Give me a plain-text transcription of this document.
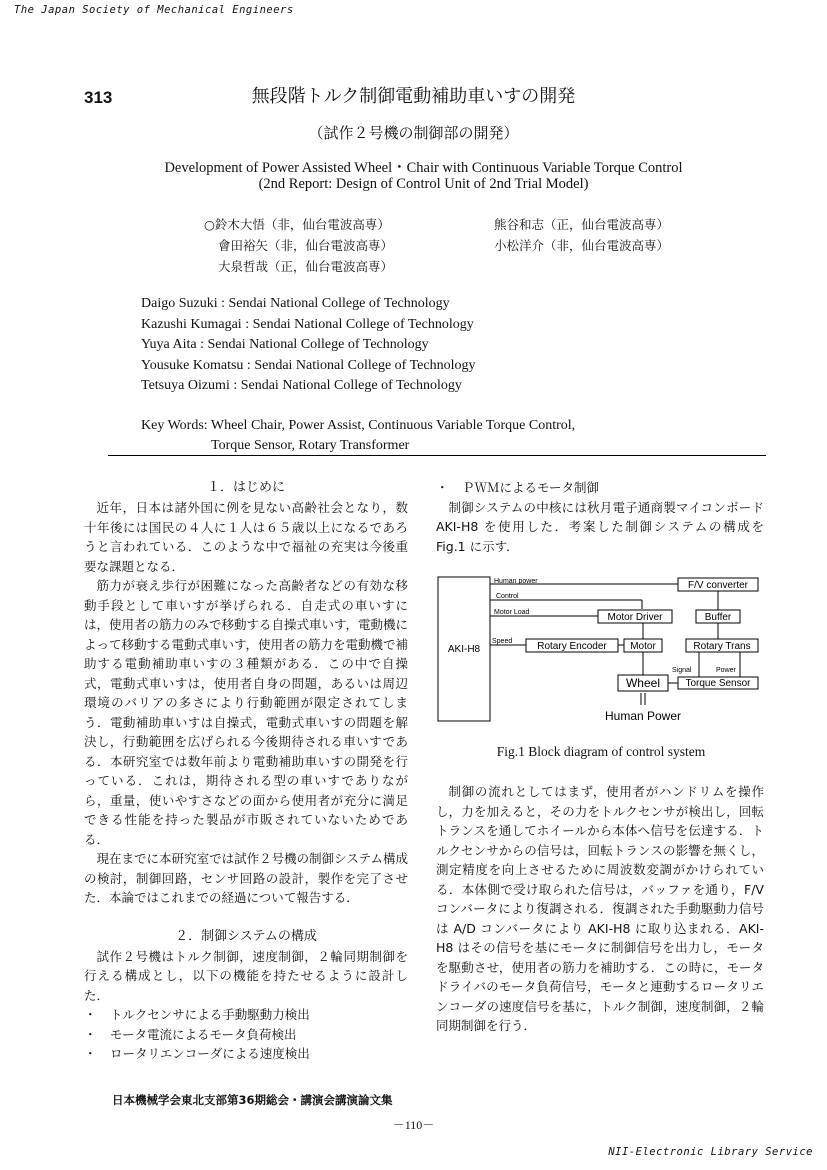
The Japan Society of Mechanical Engineers
313	無段階トルク制御電動補助車いすの開発
（試作２号機の制御部の開発）
Development of Power Assisted Wheel・Chair with Continuous Variable Torque Control
(2nd Report: Design of Control Unit of 2nd Trial Model)
○鈴木大悟（非，仙台電波高専）
會田裕矢（非，仙台電波高専）
大泉哲哉（正，仙台電波高専）
熊谷和志（正，仙台電波高専）
小松洋介（非，仙台電波高専）
Daigo Suzuki : Sendai National College of Technology
Kazushi Kumagai : Sendai National College of Technology
Yuya Aita : Sendai National College of Technology
Yousuke Komatsu : Sendai National College of Technology
Tetsuya Oizumi : Sendai National College of Technology
Key Words: Wheel Chair, Power Assist, Continuous Variable Torque Control,
Torque Sensor, Rotary Transformer
１．はじめに

近年，日本は諸外国に例を見ない高齢社会となり，数十年後には国民の４人に１人は６５歳以上になるであろうと言われている．このような中で福祉の充実は今後重要な課題となる．

筋力が衰え歩行が困難になった高齢者などの有効な移動手段として車いすが挙げられる．自走式の車いすには，使用者の筋力のみで移動する自操式車いす，電動機によって移動する電動式車いす，使用者の筋力を電動機で補助する電動補助車いすの３種類がある．この中で自操式，電動式車いすは，使用者自身の問題，あるいは周辺環境のバリアの多さにより行動範囲が限定されてしまう．電動補助車いすは自操式，電動式車いすの問題を解決し，行動範囲を広げられる今後期待される車いすである．本研究室では数年前より電動補助車いすの開発を行っている．これは，期待される型の車いすでありながら，重量，使いやすさなどの面から使用者が充分に満足できる性能を持った製品が市販されていないためである．

現在までに本研究室では試作２号機の制御システム構成の検討，制御回路，センサ回路の設計，製作を完了させた．本論ではこれまでの経過について報告する．

２．制御システムの構成

試作２号機はトルク制御，速度制御，２輪同期制御を行える構成とし，以下の機能を持たせるように設計した．

・ トルクセンサによる手動駆動力検出
・ モータ電流によるモータ負荷検出
・ ロータリエンコーダによる速度検出
・ ＰＷＭによるモータ制御

制御システムの中核には秋月電子通商製マイコンボード AKI-H8 を使用した．考案した制御システムの構成を Fig.1 に示す．

AKI-H8
Human power
Control
Motor Load
Speed
F/V converter
Motor Driver	Buffer
Rotary Encoder Motor	Rotary Trans
Signal	Power
Wheel	Torque Sensor
Human Power
Fig.1 Block diagram of control system

制御の流れとしてはまず，使用者がハンドリムを操作し，力を加えると，その力をトルクセンサが検出し，回転トランスを通してホイールから本体へ信号を伝達する．トルクセンサからの信号は，回転トランスの影響を無くし，測定精度を向上させるために周波数変調がかけられている．本体側で受け取られた信号は，バッファを通り，F/V コンバータにより復調される．復調された手動駆動力信号は A/D コンバータにより AKI-H8 に取り込まれる．AKI-H8 はその信号を基にモータに制御信号を出力し，モータを駆動させ，使用者の筋力を補助する．この時に，モータドライバのモータ負荷信号，モータと連動するロータリエンコーダの速度信号を基に，トルク制御，速度制御，２輪同期制御を行う．

日本機械学会東北支部第36期総会・講演会講演論文集
－110－
NII-Electronic Library Service
